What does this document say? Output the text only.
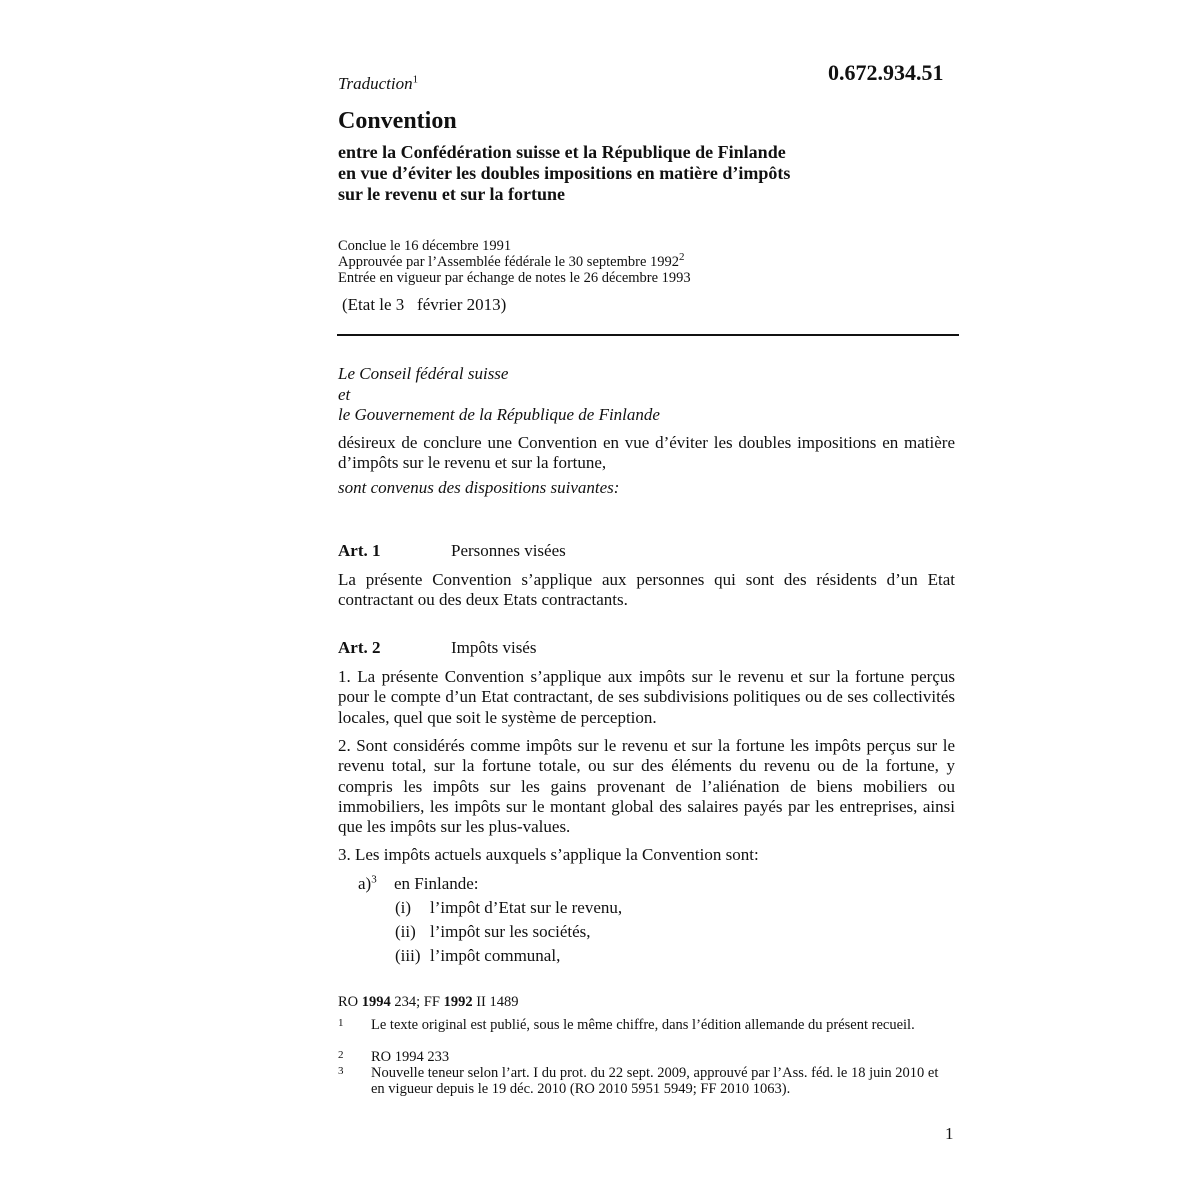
0.672.934.51
Traduction$^1$
Convention
entre la Confédération suisse et la République de Finlande
en vue d’éviter les doubles impositions en matière d’impôts
sur le revenu et sur la fortune
Conclue le 16 décembre 1991
Approuvée par l’Assemblée fédérale le 30 septembre 1992$^2$
Entrée en vigueur par échange de notes le 26 décembre 1993
(Etat le 3   février 2013)
Le Conseil fédéral suisse
et
le Gouvernement de la République de Finlande
désireux de conclure une Convention en vue d’éviter les doubles impositions en matière d’impôts sur le revenu et sur la fortune,
sont convenus des dispositions suivantes:
Art. 1	Personnes visées
La présente Convention s’applique aux personnes qui sont des résidents d’un Etat contractant ou des deux Etats contractants.
Art. 2	Impôts visés
1. La présente Convention s’applique aux impôts sur le revenu et sur la fortune perçus pour le compte d’un Etat contractant, de ses subdivisions politiques ou de ses collectivités locales, quel que soit le système de perception.
2. Sont considérés comme impôts sur le revenu et sur la fortune les impôts perçus sur le revenu total, sur la fortune totale, ou sur des éléments du revenu ou de la fortune, y compris les impôts sur les gains provenant de l’aliénation de biens mobiliers ou immobiliers, les impôts sur le montant global des salaires payés par les entreprises, ainsi que les impôts sur les plus-values.
3. Les impôts actuels auxquels s’applique la Convention sont:
a)$^3$ en Finlande:
(i) l’impôt d’Etat sur le revenu,
(ii) l’impôt sur les sociétés,
(iii) l’impôt communal,
RO 1994 234; FF 1992 II 1489
1 Le texte original est publié, sous le même chiffre, dans l’édition allemande du présent recueil.
2 RO 1994 233
3 Nouvelle teneur selon l’art. I du prot. du 22 sept. 2009, approuvé par l’Ass. féd. le 18 juin 2010 et en vigueur depuis le 19 déc. 2010 (RO 2010 5951 5949; FF 2010 1063).
1
